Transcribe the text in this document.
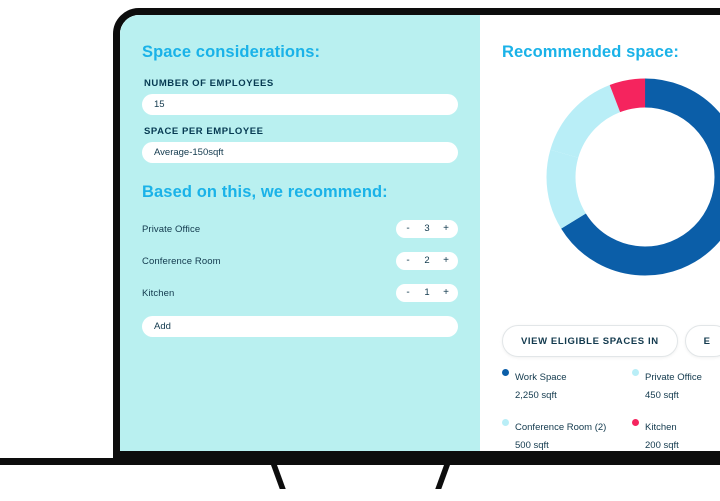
Space considerations:
NUMBER OF EMPLOYEES
15
SPACE PER EMPLOYEE
Average-150sqft
Based on this, we recommend:
Private Office	- 3 +
Conference Room	- 2 +
Kitchen	- 1 +
Add
Recommended space:
VIEW ELIGIBLE SPACES IN	E
Work Space
2,250 sqft
Private Office
450 sqft
Conference Room (2)
500 sqft
Kitchen
200 sqft
